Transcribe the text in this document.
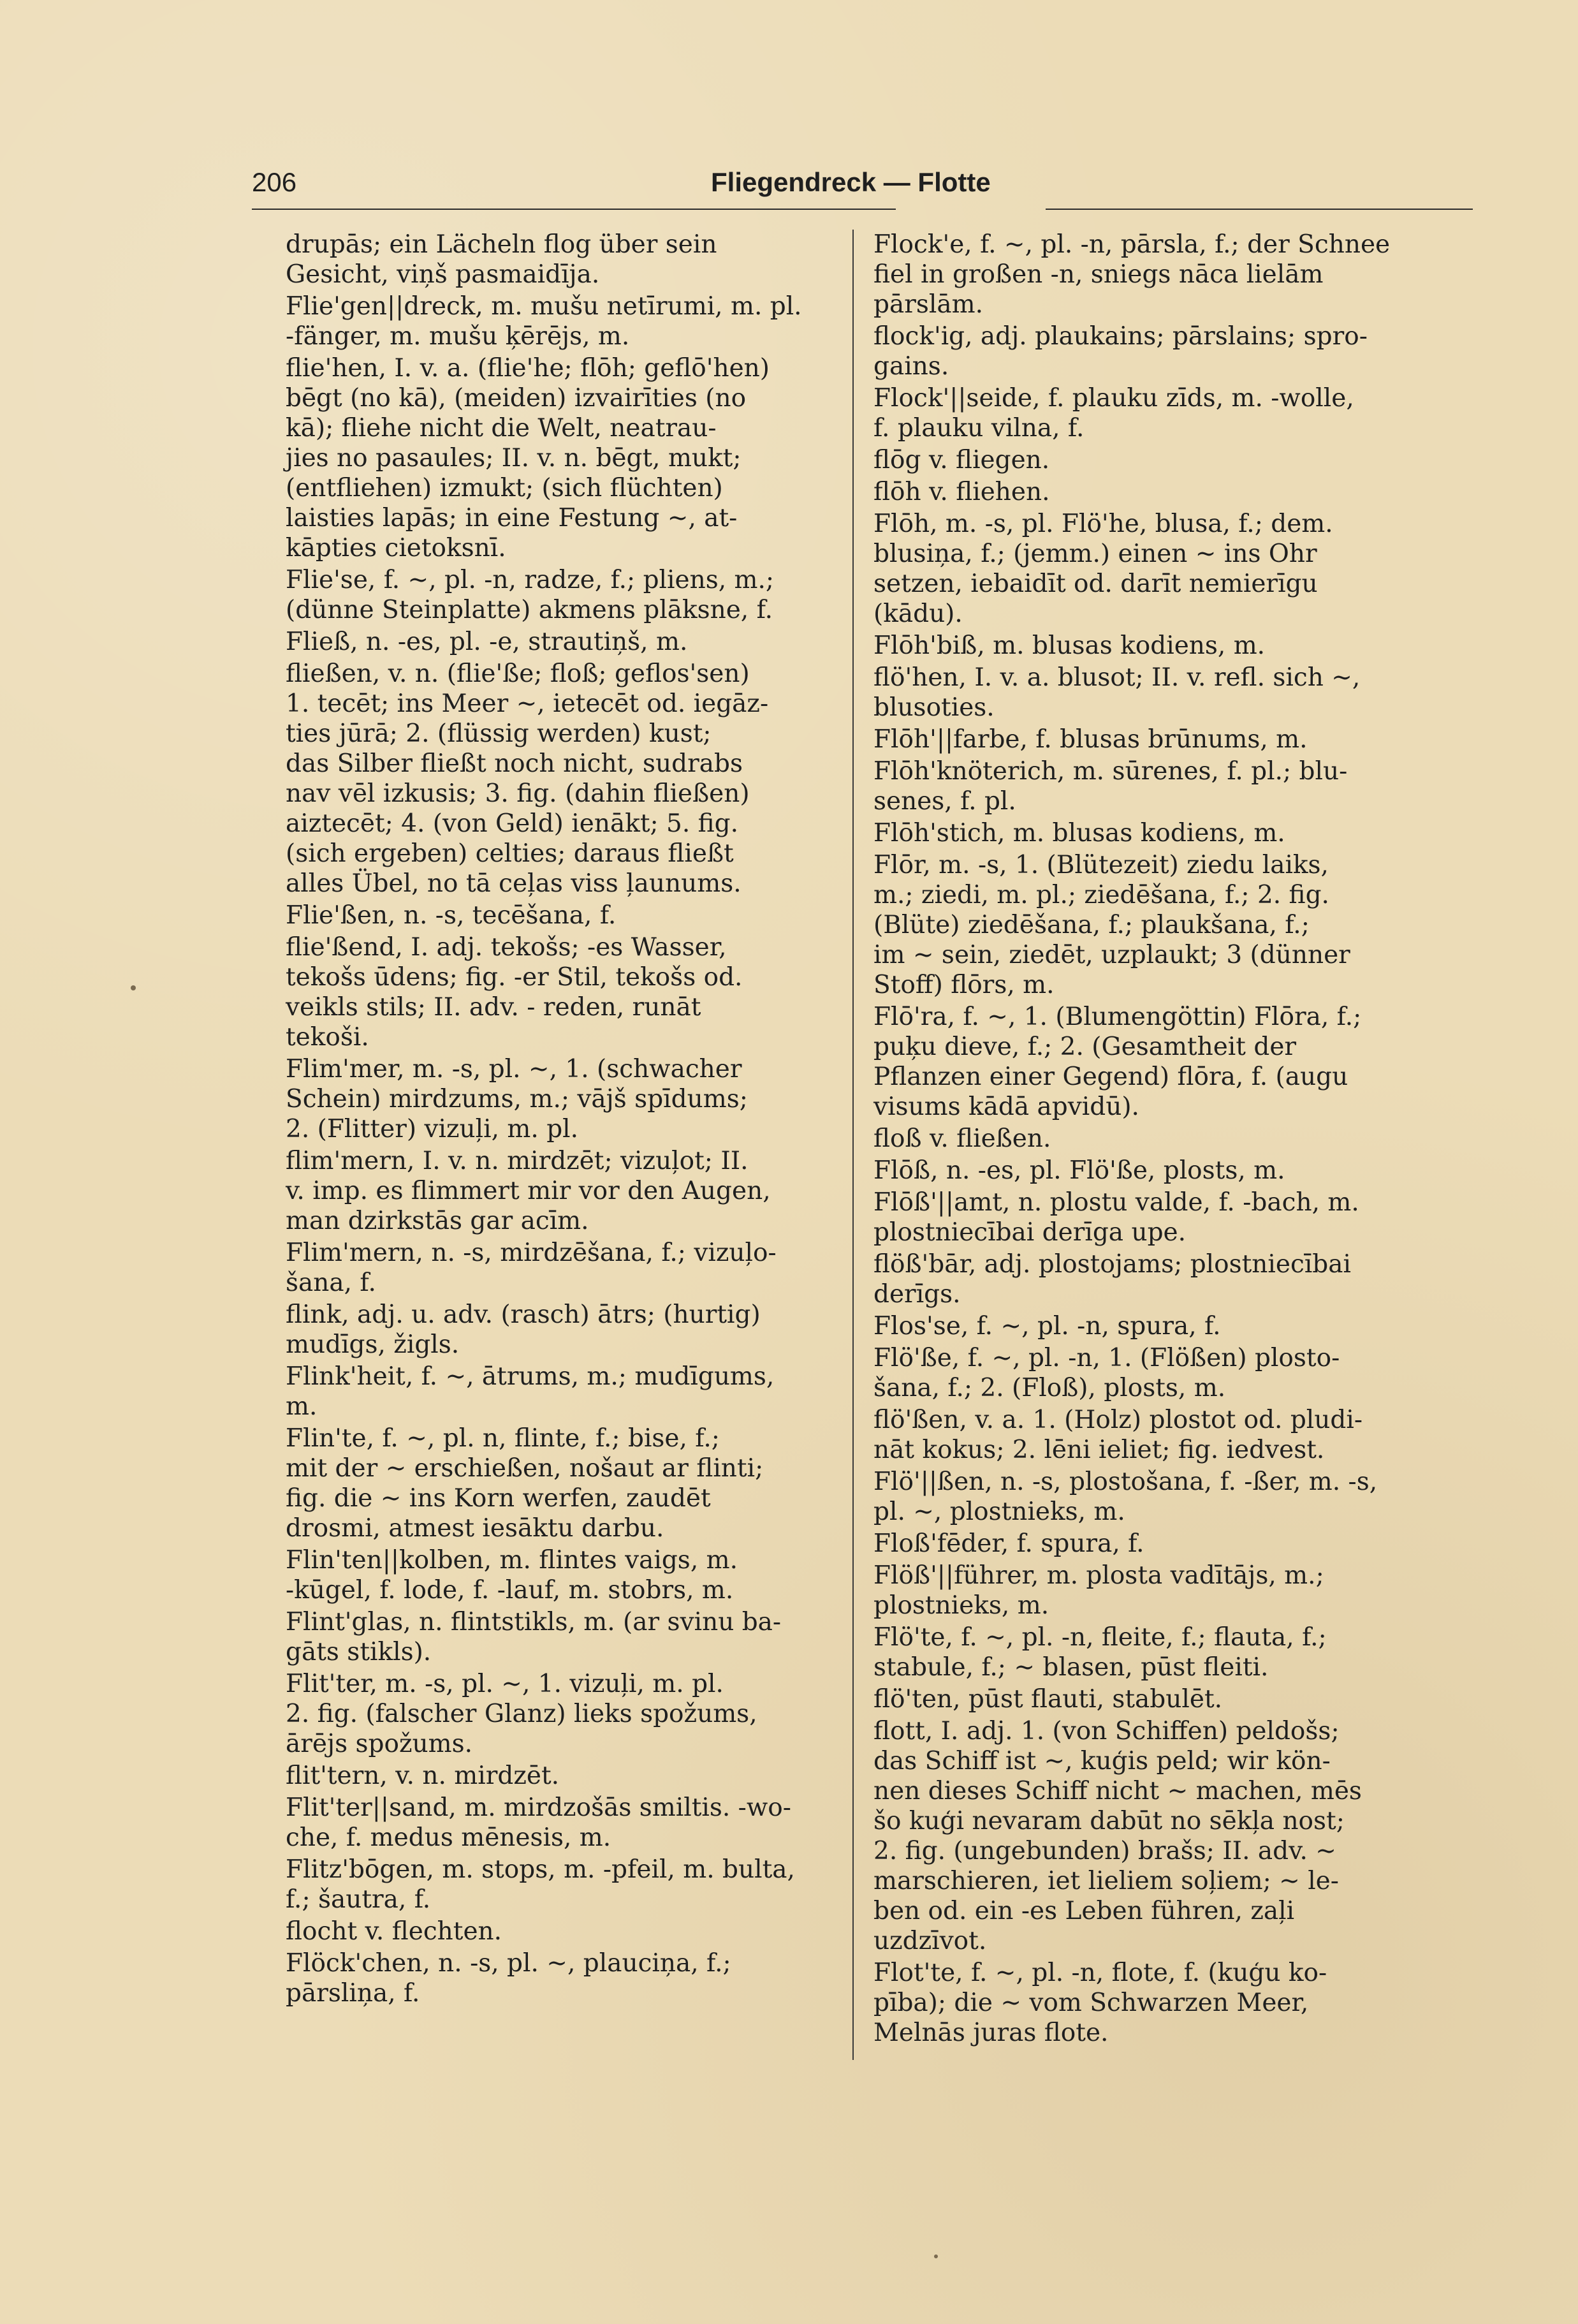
206	Fliegendreck — Flotte
drupās; ein Lächeln flog über sein
Gesicht, viņš pasmaidīja.
Flie'gen||dreck, m. mušu netīrumi, m. pl.
-fänger, m. mušu ķērējs, m.
flie'hen, I. v. a. (flie'he; flōh; geflō'hen)
bēgt (no kā), (meiden) izvairīties (no
kā); fliehe nicht die Welt, neatrau-
jies no pasaules; II. v. n. bēgt, mukt;
(entfliehen) izmukt; (sich flüchten)
laisties lapās; in eine Festung ~, at-
kāpties cietoksnī.
Flie'se, f. ~, pl. -n, radze, f.; pliens, m.;
(dünne Steinplatte) akmens plāksne, f.
Fließ, n. -es, pl. -e, strautiņš, m.
fließen, v. n. (flie'ße; floß; geflos'sen)
1. tecēt; ins Meer ~, ietecēt od. iegāz-
ties jūrā; 2. (flüssig werden) kust;
das Silber fließt noch nicht, sudrabs
nav vēl izkusis; 3. fig. (dahin fließen)
aiztecēt; 4. (von Geld) ienākt; 5. fig.
(sich ergeben) celties; daraus fließt
alles Übel, no tā ceļas viss ļaunums.
Flie'ßen, n. -s, tecēšana, f.
flie'ßend, I. adj. tekošs; -es Wasser,
tekošs ūdens; fig. -er Stil, tekošs od.
veikls stils; II. adv. - reden, runāt
tekoši.
Flim'mer, m. -s, pl. ~, 1. (schwacher
Schein) mirdzums, m.; vājš spīdums;
2. (Flitter) vizuļi, m. pl.
flim'mern, I. v. n. mirdzēt; vizuļot; II.
v. imp. es flimmert mir vor den Augen,
man dzirkstās gar acīm.
Flim'mern, n. -s, mirdzēšana, f.; vizuļo-
šana, f.
flink, adj. u. adv. (rasch) ātrs; (hurtig)
mudīgs, žigls.
Flink'heit, f. ~, ātrums, m.; mudīgums,
m.
Flin'te, f. ~, pl. n, flinte, f.; bise, f.;
mit der ~ erschießen, nošaut ar flinti;
fig. die ~ ins Korn werfen, zaudēt
drosmi, atmest iesāktu darbu.
Flin'ten||kolben, m. flintes vaigs, m.
-kūgel, f. lode, f. -lauf, m. stobrs, m.
Flint'glas, n. flintstikls, m. (ar svinu ba-
gāts stikls).
Flit'ter, m. -s, pl. ~, 1. vizuļi, m. pl.
2. fig. (falscher Glanz) lieks spožums,
ārējs spožums.
flit'tern, v. n. mirdzēt.
Flit'ter||sand, m. mirdzošās smiltis. -wo-
che, f. medus mēnesis, m.
Flitz'bōgen, m. stops, m. -pfeil, m. bulta,
f.; šautra, f.
flocht v. flechten.
Flöck'chen, n. -s, pl. ~, plauciņa, f.;
pārsliņa, f.
Flock'e, f. ~, pl. -n, pārsla, f.; der Schnee
fiel in großen -n, sniegs nāca lielām
pārslām.
flock'ig, adj. plaukains; pārslains; spro-
gains.
Flock'||seide, f. plauku zīds, m. -wolle,
f. plauku vilna, f.
flōg v. fliegen.
flōh v. fliehen.
Flōh, m. -s, pl. Flö'he, blusa, f.; dem.
blusiņa, f.; (jemm.) einen ~ ins Ohr
setzen, iebaidīt od. darīt nemierīgu
(kādu).
Flōh'biß, m. blusas kodiens, m.
flö'hen, I. v. a. blusot; II. v. refl. sich ~,
blusoties.
Flōh'||farbe, f. blusas brūnums, m.
Flōh'knöterich, m. sūrenes, f. pl.; blu-
senes, f. pl.
Flōh'stich, m. blusas kodiens, m.
Flōr, m. -s, 1. (Blütezeit) ziedu laiks,
m.; ziedi, m. pl.; ziedēšana, f.; 2. fig.
(Blüte) ziedēšana, f.; plaukšana, f.;
im ~ sein, ziedēt, uzplaukt; 3 (dünner
Stoff) flōrs, m.
Flō'ra, f. ~, 1. (Blumengöttin) Flōra, f.;
puķu dieve, f.; 2. (Gesamtheit der
Pflanzen einer Gegend) flōra, f. (augu
visums kādā apvidū).
floß v. fließen.
Flōß, n. -es, pl. Flö'ße, plosts, m.
Flōß'||amt, n. plostu valde, f. -bach, m.
plostniecībai derīga upe.
flöß'bār, adj. plostojams; plostniecībai
derīgs.
Flos'se, f. ~, pl. -n, spura, f.
Flö'ße, f. ~, pl. -n, 1. (Flößen) plosto-
šana, f.; 2. (Floß), plosts, m.
flö'ßen, v. a. 1. (Holz) plostot od. pludi-
nāt kokus; 2. lēni ieliet; fig. iedvest.
Flö'||ßen, n. -s, plostošana, f. -ßer, m. -s,
pl. ~, plostnieks, m.
Floß'fēder, f. spura, f.
Flöß'||führer, m. plosta vadītājs, m.;
plostnieks, m.
Flö'te, f. ~, pl. -n, fleite, f.; flauta, f.;
stabule, f.; ~ blasen, pūst fleiti.
flö'ten, pūst flauti, stabulēt.
flott, I. adj. 1. (von Schiffen) peldošs;
das Schiff ist ~, kuģis peld; wir kön-
nen dieses Schiff nicht ~ machen, mēs
šo kuģi nevaram dabūt no sēkļa nost;
2. fig. (ungebunden) brašs; II. adv. ~
marschieren, iet lieliem soļiem; ~ le-
ben od. ein -es Leben führen, zaļi
uzdzīvot.
Flot'te, f. ~, pl. -n, flote, f. (kuģu ko-
pība); die ~ vom Schwarzen Meer,
Melnās juras flote.
